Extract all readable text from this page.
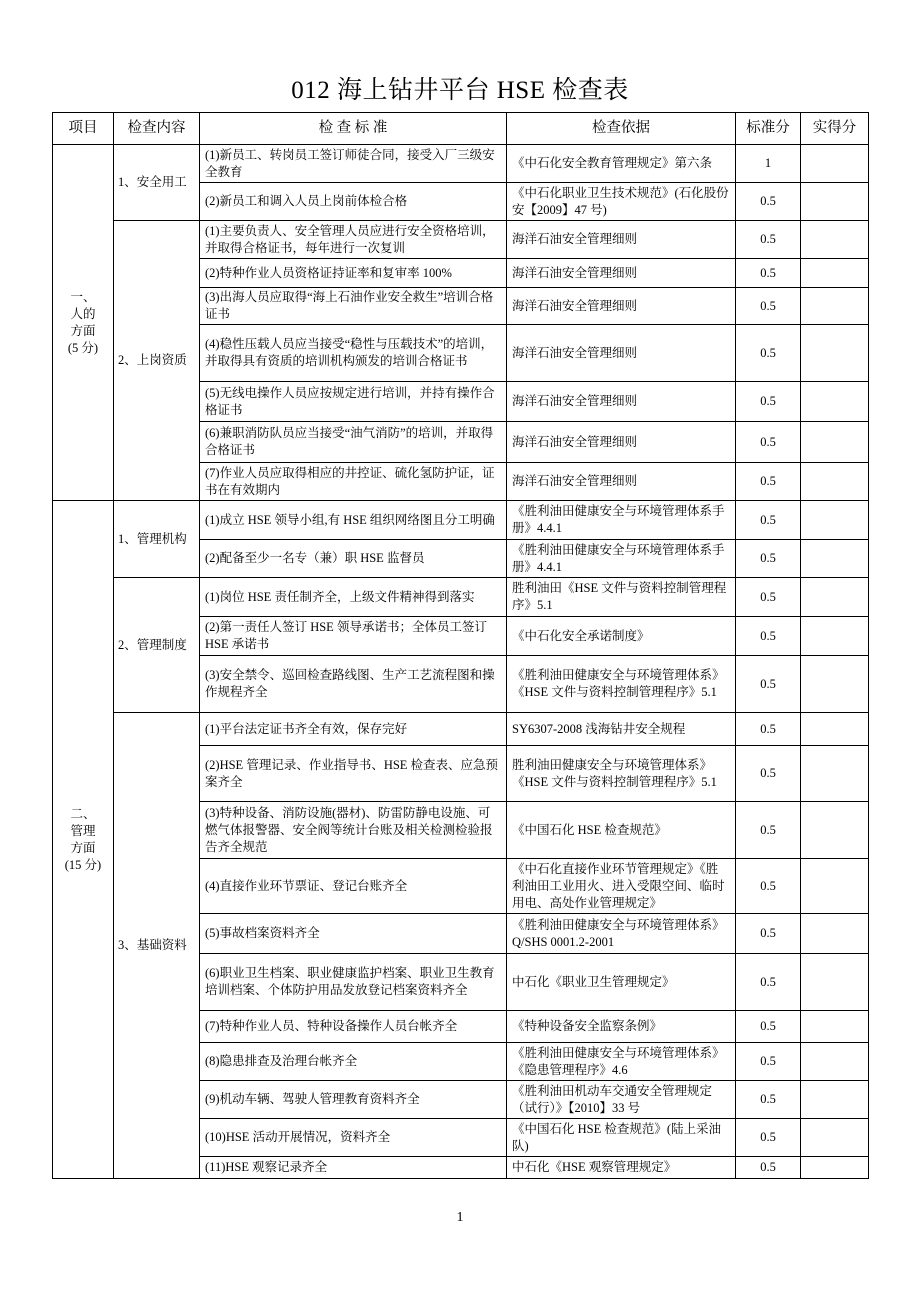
012 海上钻井平台 HSE 检查表
项目	检查内容	检 查 标 准	检查依据	标准分	实得分
一、
人的
方面
(5 分)	1、安全用工	(1)新员工、转岗员工签订师徒合同，接受入厂三级安全教育	《中石化安全教育管理规定》第六条	1	
		(2)新员工和调入人员上岗前体检合格	《中石化职业卫生技术规范》(石化股份安【2009】47 号)	0.5	
	2、上岗资质	(1)主要负责人、安全管理人员应进行安全资格培训，并取得合格证书，每年进行一次复训	海洋石油安全管理细则	0.5	
		(2)特种作业人员资格证持证率和复审率 100%	海洋石油安全管理细则	0.5	
		(3)出海人员应取得“海上石油作业安全救生”培训合格证书	海洋石油安全管理细则	0.5	
		(4)稳性压载人员应当接受“稳性与压载技术”的培训，并取得具有资质的培训机构颁发的培训合格证书	海洋石油安全管理细则	0.5	
		(5)无线电操作人员应按规定进行培训，并持有操作合格证书	海洋石油安全管理细则	0.5	
		(6)兼职消防队员应当接受“油气消防”的培训，并取得合格证书	海洋石油安全管理细则	0.5	
		(7)作业人员应取得相应的井控证、硫化氢防护证，证书在有效期内	海洋石油安全管理细则	0.5	
二、
管理
方面
(15 分)	1、管理机构	(1)成立 HSE 领导小组,有 HSE 组织网络图且分工明确	《胜利油田健康安全与环境管理体系手册》4.4.1	0.5	
		(2)配备至少一名专（兼）职 HSE 监督员	《胜利油田健康安全与环境管理体系手册》4.4.1	0.5	
	2、管理制度	(1)岗位 HSE 责任制齐全，上级文件精神得到落实	胜利油田《HSE 文件与资料控制管理程序》5.1	0.5	
		(2)第一责任人签订 HSE 领导承诺书；全体员工签订 HSE 承诺书	《中石化安全承诺制度》	0.5	
		(3)安全禁令、巡回检查路线图、生产工艺流程图和操作规程齐全	《胜利油田健康安全与环境管理体系》《HSE 文件与资料控制管理程序》5.1	0.5	
	3、基础资料	(1)平台法定证书齐全有效，保存完好	SY6307-2008 浅海钻井安全规程	0.5	
		(2)HSE 管理记录、作业指导书、HSE 检查表、应急预案齐全	胜利油田健康安全与环境管理体系》《HSE 文件与资料控制管理程序》5.1	0.5	
		(3)特种设备、消防设施(器材)、防雷防静电设施、可燃气体报警器、安全阀等统计台账及相关检测检验报告齐全规范	《中国石化 HSE 检查规范》	0.5	
		(4)直接作业环节票证、登记台账齐全	《中石化直接作业环节管理规定》《胜利油田工业用火、进入受限空间、临时用电、高处作业管理规定》	0.5	
		(5)事故档案资料齐全	《胜利油田健康安全与环境管理体系》Q/SHS 0001.2-2001	0.5	
		(6)职业卫生档案、职业健康监护档案、职业卫生教育培训档案、个体防护用品发放登记档案资料齐全	中石化《职业卫生管理规定》	0.5	
		(7)特种作业人员、特种设备操作人员台帐齐全	《特种设备安全监察条例》	0.5	
		(8)隐患排查及治理台帐齐全	《胜利油田健康安全与环境管理体系》《隐患管理程序》4.6	0.5	
		(9)机动车辆、驾驶人管理教育资料齐全	《胜利油田机动车交通安全管理规定（试行）》【2010】33 号	0.5	
		(10)HSE 活动开展情况，资料齐全	《中国石化 HSE 检查规范》(陆上采油队)	0.5	
		(11)HSE 观察记录齐全	中石化《HSE 观察管理规定》	0.5	
1
